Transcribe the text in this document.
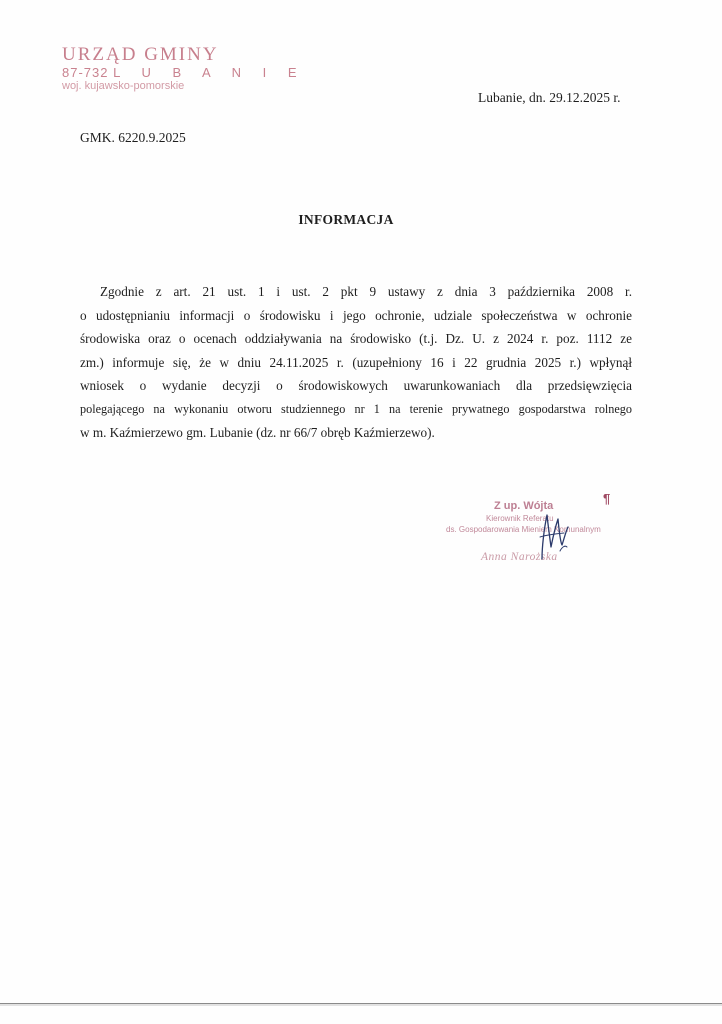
URZĄD GMINY
87-732 L U B A N I E
woj. kujawsko-pomorskie
Lubanie, dn. 29.12.2025 r.
GMK. 6220.9.2025
INFORMACJA
Zgodnie z art. 21 ust. 1 i ust. 2 pkt 9 ustawy z dnia 3 października 2008 r.
o udostępnianiu informacji o środowisku i jego ochronie, udziale społeczeństwa w ochronie
środowiska oraz o ocenach oddziaływania na środowisko (t.j. Dz. U. z 2024 r. poz. 1112 ze
zm.) informuje się, że w dniu 24.11.2025 r. (uzupełniony 16 i 22 grudnia 2025 r.) wpłynął
wniosek o wydanie decyzji o środowiskowych uwarunkowaniach dla przedsięwzięcia
polegającego na wykonaniu otworu studziennego nr 1 na terenie prywatnego gospodarstwa rolnego
w m. Kaźmierzewo gm. Lubanie (dz. nr 66/7 obręb Kaźmierzewo).
Z up. Wójta
Kierownik Referatu
ds. Gospodarowania Mieniem Komunalnym
Anna Narożska
¶
